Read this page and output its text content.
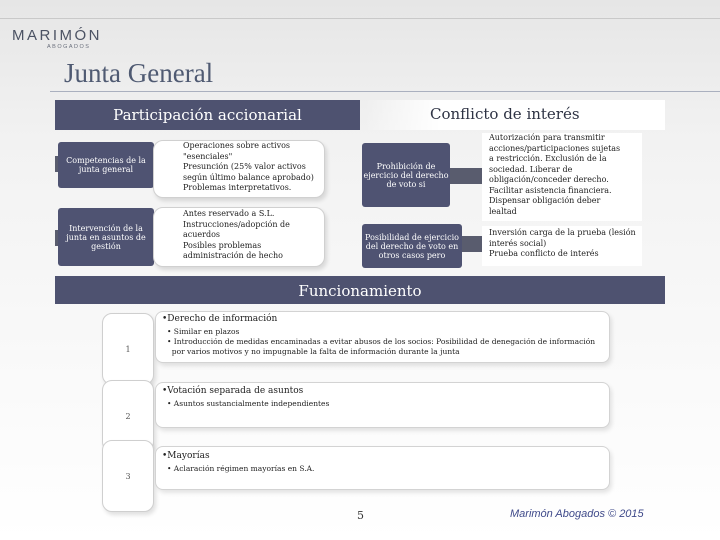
MARIMÓN
ABOGADOS
Junta General
Participación accionarial	Conflicto de interés
Competencias de la junta general
Operaciones sobre activos
"esenciales"
Presunción (25% valor activos
según último balance aprobado)
Problemas interpretativos.
Intervención de la junta en asuntos de gestión
Antes reservado a S.L.
Instrucciones/adopción de
acuerdos
Posibles problemas
administración de hecho
Prohibición de ejercicio del derecho de voto si
Autorización para transmitir
acciones/participaciones sujetas
a restricción. Exclusión de la
sociedad. Liberar de
obligación/conceder derecho.
Facilitar asistencia financiera.
Dispensar obligación deber
lealtad
Posibilidad de ejercicio del derecho de voto en otros casos pero
Inversión carga de la prueba (lesión
interés social)
Prueba conflicto de interés
Funcionamiento
1
•Derecho de información
• Similar en plazos
• Introducción de medidas encaminadas a evitar abusos de los socios: Posibilidad de denegación de información
por varios motivos y no impugnable la falta de información durante la junta
2
•Votación separada de asuntos
• Asuntos sustancialmente independientes
3
•Mayorías
• Aclaración régimen mayorías en S.A.
5	Marimón Abogados © 2015
